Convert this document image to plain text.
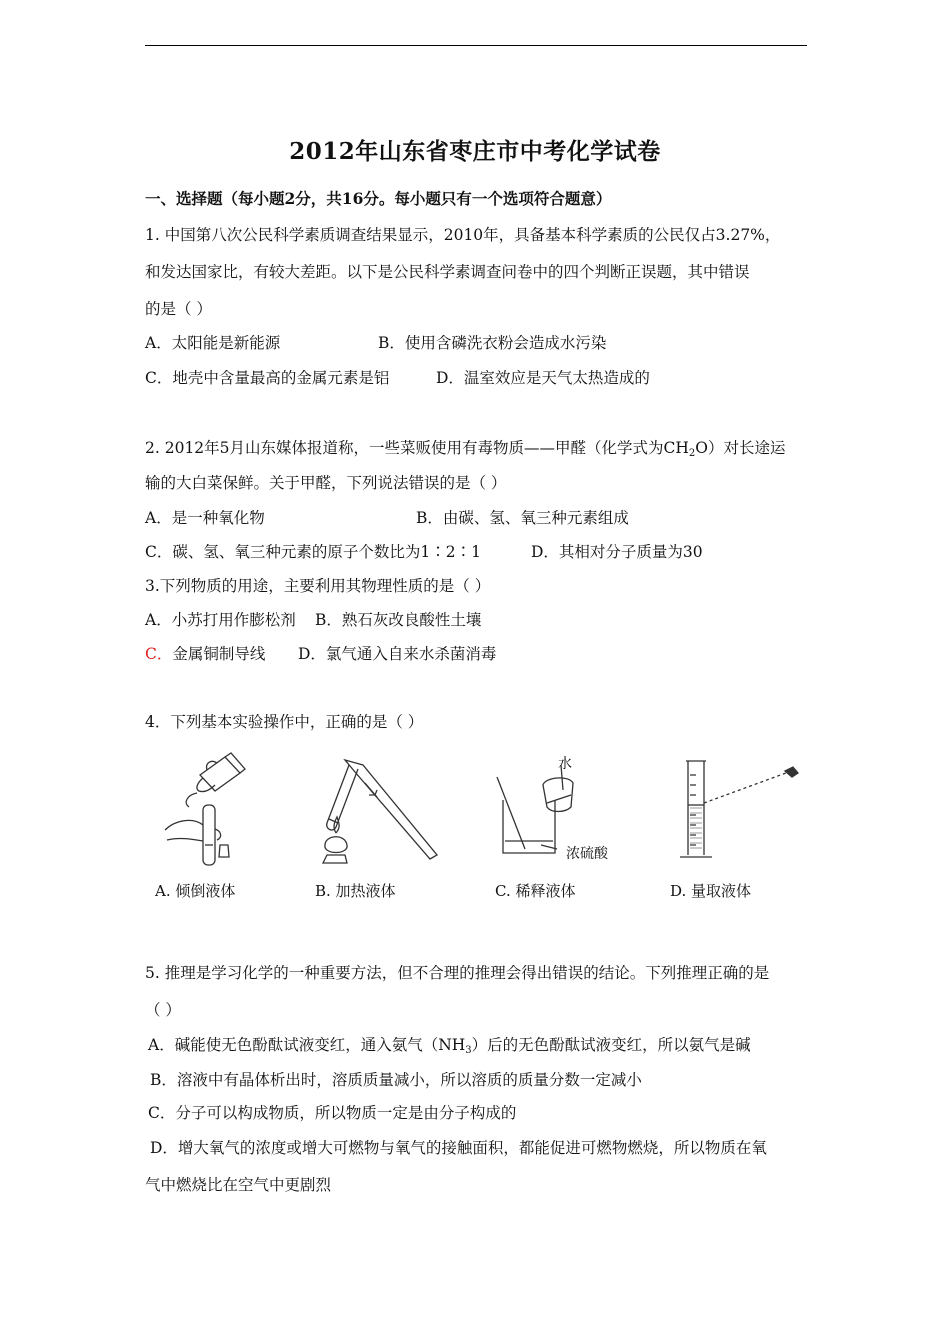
2012年山东省枣庄市中考化学试卷
一、选择题（每小题2分，共16分。每小题只有一个选项符合题意）
1. 中国第八次公民科学素质调查结果显示，2010年，具备基本科学素质的公民仅占3.27%，
和发达国家比，有较大差距。以下是公民科学素调查问卷中的四个判断正误题，其中错误
的是（ ）
A．太阳能是新能源	B．使用含磷洗衣粉会造成水污染
C．地壳中含量最高的金属元素是铝	D．温室效应是天气太热造成的
2. 2012年5月山东媒体报道称，一些菜贩使用有毒物质——甲醛（化学式为$CH_2O$）对长途运
输的大白菜保鲜。关于甲醛，下列说法错误的是（ ）
A．是一种氧化物	B．由碳、氢、氧三种元素组成
C．碳、氢、氧三种元素的原子个数比为1∶2∶1	D．其相对分子质量为30
3.下列物质的用途，主要利用其物理性质的是（ ）
A．小苏打用作膨松剂 B．熟石灰改良酸性土壤
C．金属铜制导线 D．氯气通入自来水杀菌消毒
4．下列基本实验操作中，正确的是（ ）
A. 倾倒液体	B. 加热液体
水
浓硫酸
C. 稀释液体	D. 量取液体
5. 推理是学习化学的一种重要方法，但不合理的推理会得出错误的结论。下列推理正确的是
（ ）
A．碱能使无色酚酞试液变红，通入氨气$(NH_3)$后的无色酚酞试液变红，所以氨气是碱
B．溶液中有晶体析出时，溶质质量减小，所以溶质的质量分数一定减小
C．分子可以构成物质，所以物质一定是由分子构成的
D．增大氧气的浓度或增大可燃物与氧气的接触面积，都能促进可燃物燃烧，所以物质在氧
气中燃烧比在空气中更剧烈
